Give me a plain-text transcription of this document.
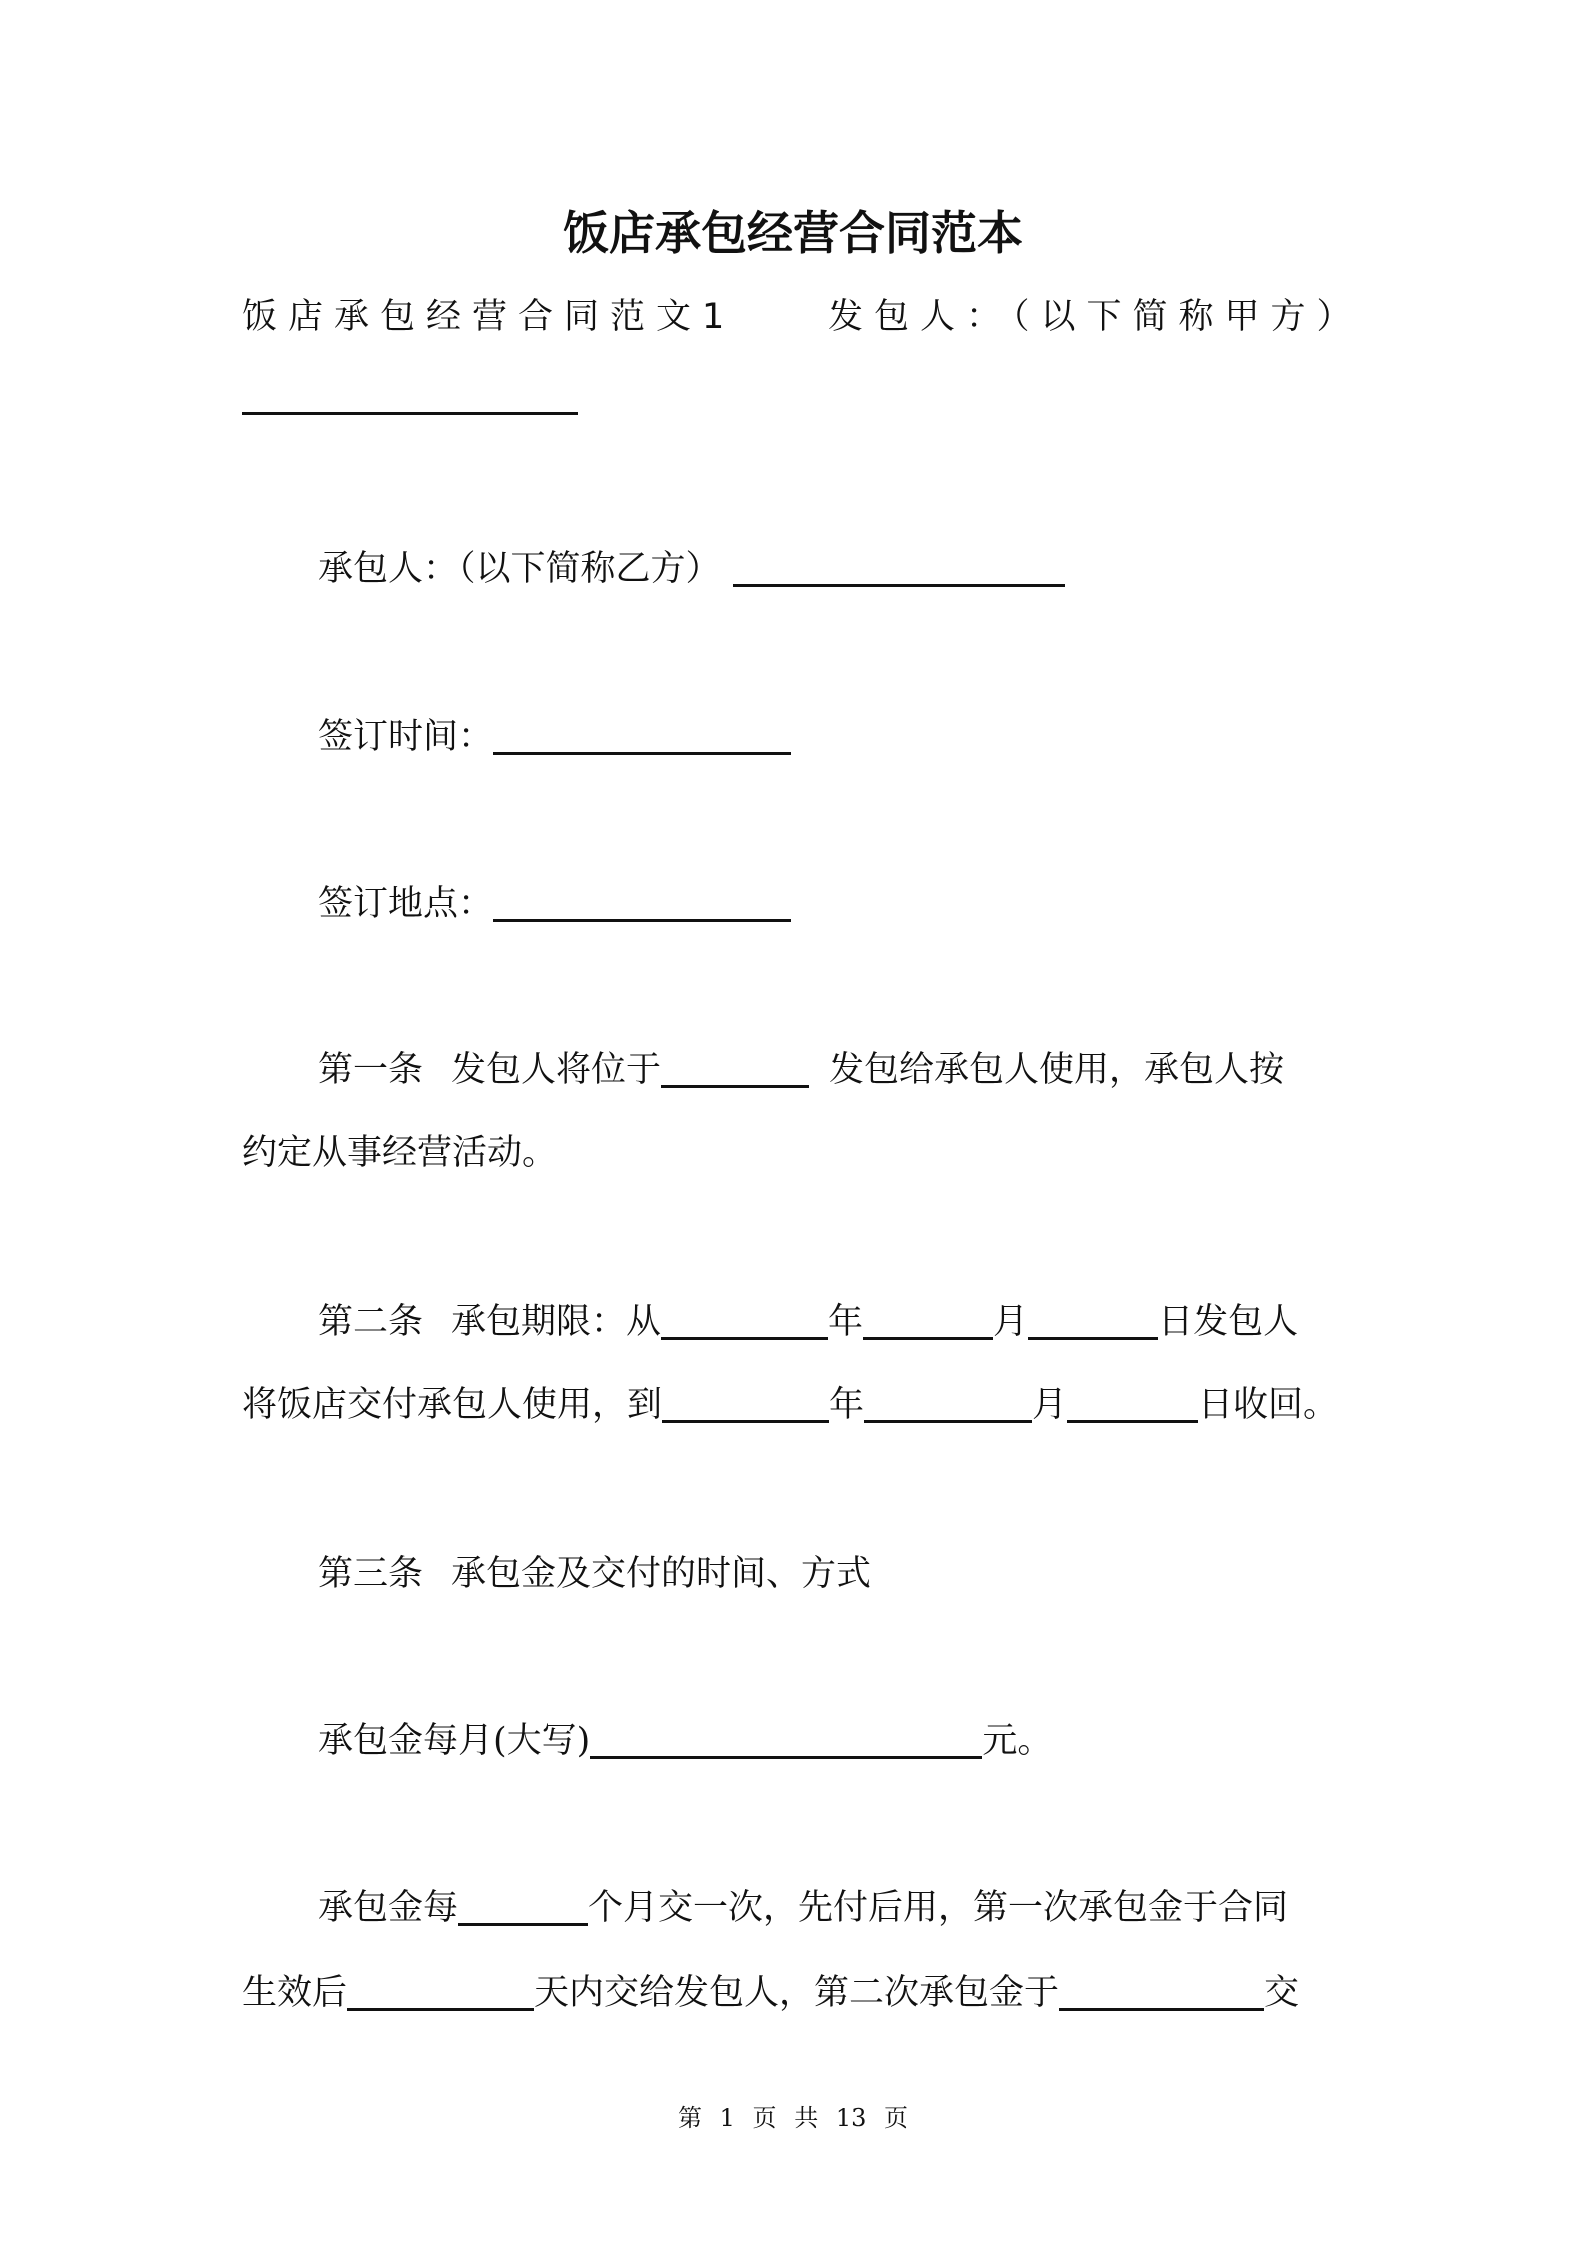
饭店承包经营合同范本
饭店承包经营合同范文1	发包人：（以下简称甲方）
承包人：（以下简称乙方）
签订时间：
签订地点：
第一条 发包人将位于	发包给承包人使用，承包人按
约定从事经营活动。
第二条 承包期限：从	年	月	日发包人
将饭店交付承包人使用，到	年	月	日收回。
第三条 承包金及交付的时间、方式
承包金每月(大写)	元。
承包金每	个月交一次，先付后用，第一次承包金于合同
生效后	天内交给发包人，第二次承包金于	交
第 1 页 共 13 页
